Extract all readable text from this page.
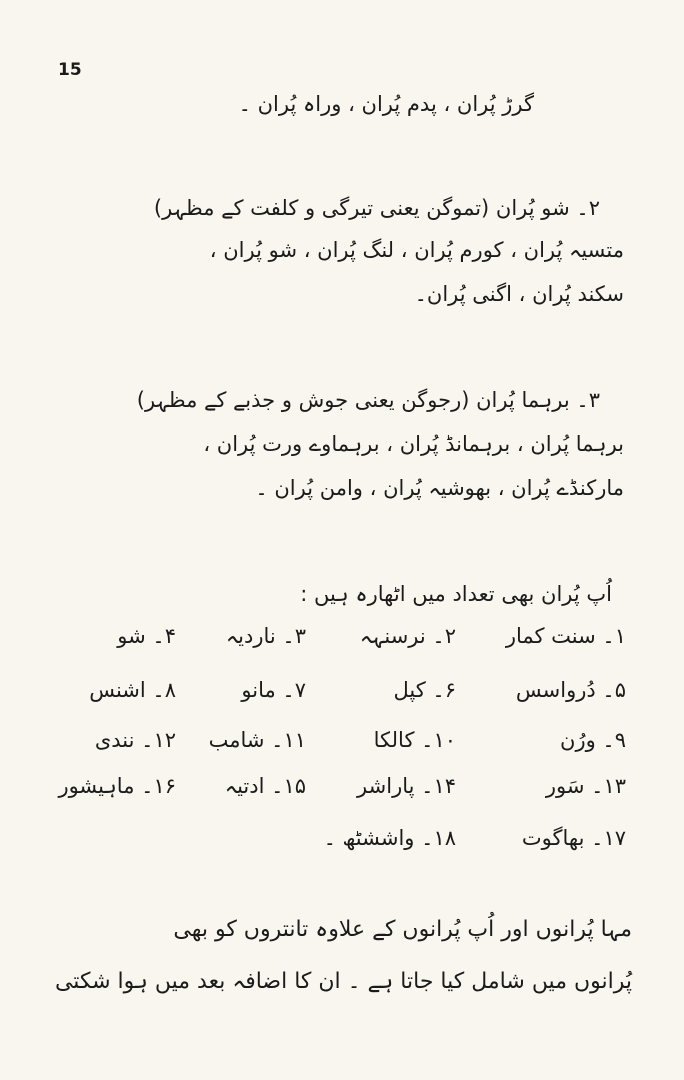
15
گرڑ پُران ، پدم پُران ، وراہ پُران ۔
۲۔ شو پُران (تموگن یعنی تیرگی و کلفت کے مظہر)
متسیہ پُران ، کورم پُران ، لنگ پُران ، شو پُران ،
سکند پُران ، اگنی پُران۔
۳۔ برہما پُران (رجوگن یعنی جوش و جذبے کے مظہر)
برہما پُران ، برہمانڈ پُران ، برہماوے ورت پُران ،
مارکنڈے پُران ، بھوشیہ پُران ، وامن پُران ۔
اُپ پُران بھی تعداد میں اٹھارہ ہیں :
۱۔ سنت کمار
۲۔ نرسنہہ
۳۔ ناردیہ
۴۔ شو
۵۔ دُرواسس
۶۔ کپل
۷۔ مانو
۸۔ اشنس
۹۔ ورُن
۱۰۔ کالکا
۱۱۔ شامب
۱۲۔ نندی
۱۳۔ سَور
۱۴۔ پاراشر
۱۵۔ ادتیہ
۱۶۔ ماہیشور
۱۷۔ بھاگوت
۱۸۔ واششٹھ ۔
مہا پُرانوں اور اُپ پُرانوں کے علاوہ تانتروں کو بھی
پُرانوں میں شامل کیا جاتا ہے ۔ ان کا اضافہ بعد میں ہوا شکتی
